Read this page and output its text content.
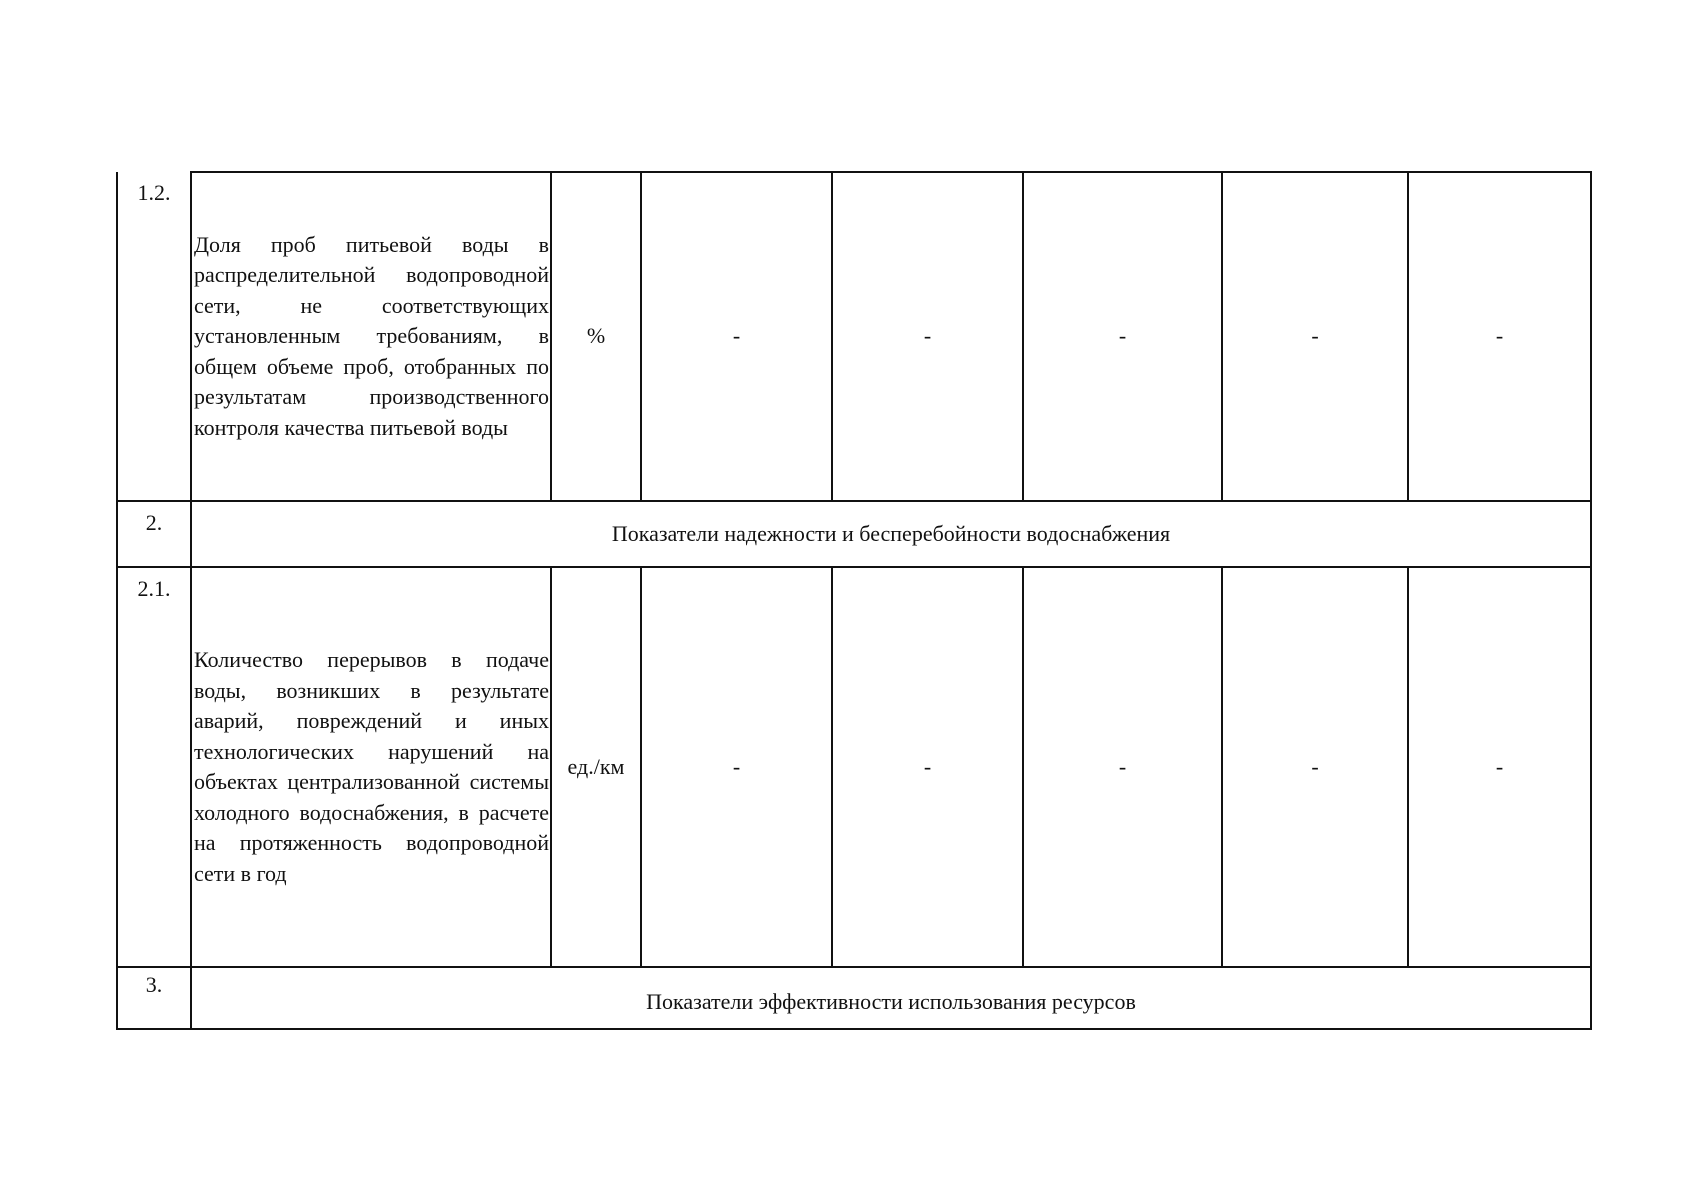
1.2.	Доля проб питьевой воды в распределительной водопроводной сети, не соответствующих установленным требованиям, в общем объеме проб, отобранных по результатам производственного контроля качества питьевой воды	%	-	-	-	-	-
2.	Показатели надежности и бесперебойности водоснабжения						
2.1.	Количество перерывов в подаче воды, возникших в результате аварий, повреждений и иных технологических нарушений на объектах централизованной системы холодного водоснабжения, в расчете на протяженность водопроводной сети в год	ед./км	-	-	-	-	-
3.	Показатели эффективности использования ресурсов						
